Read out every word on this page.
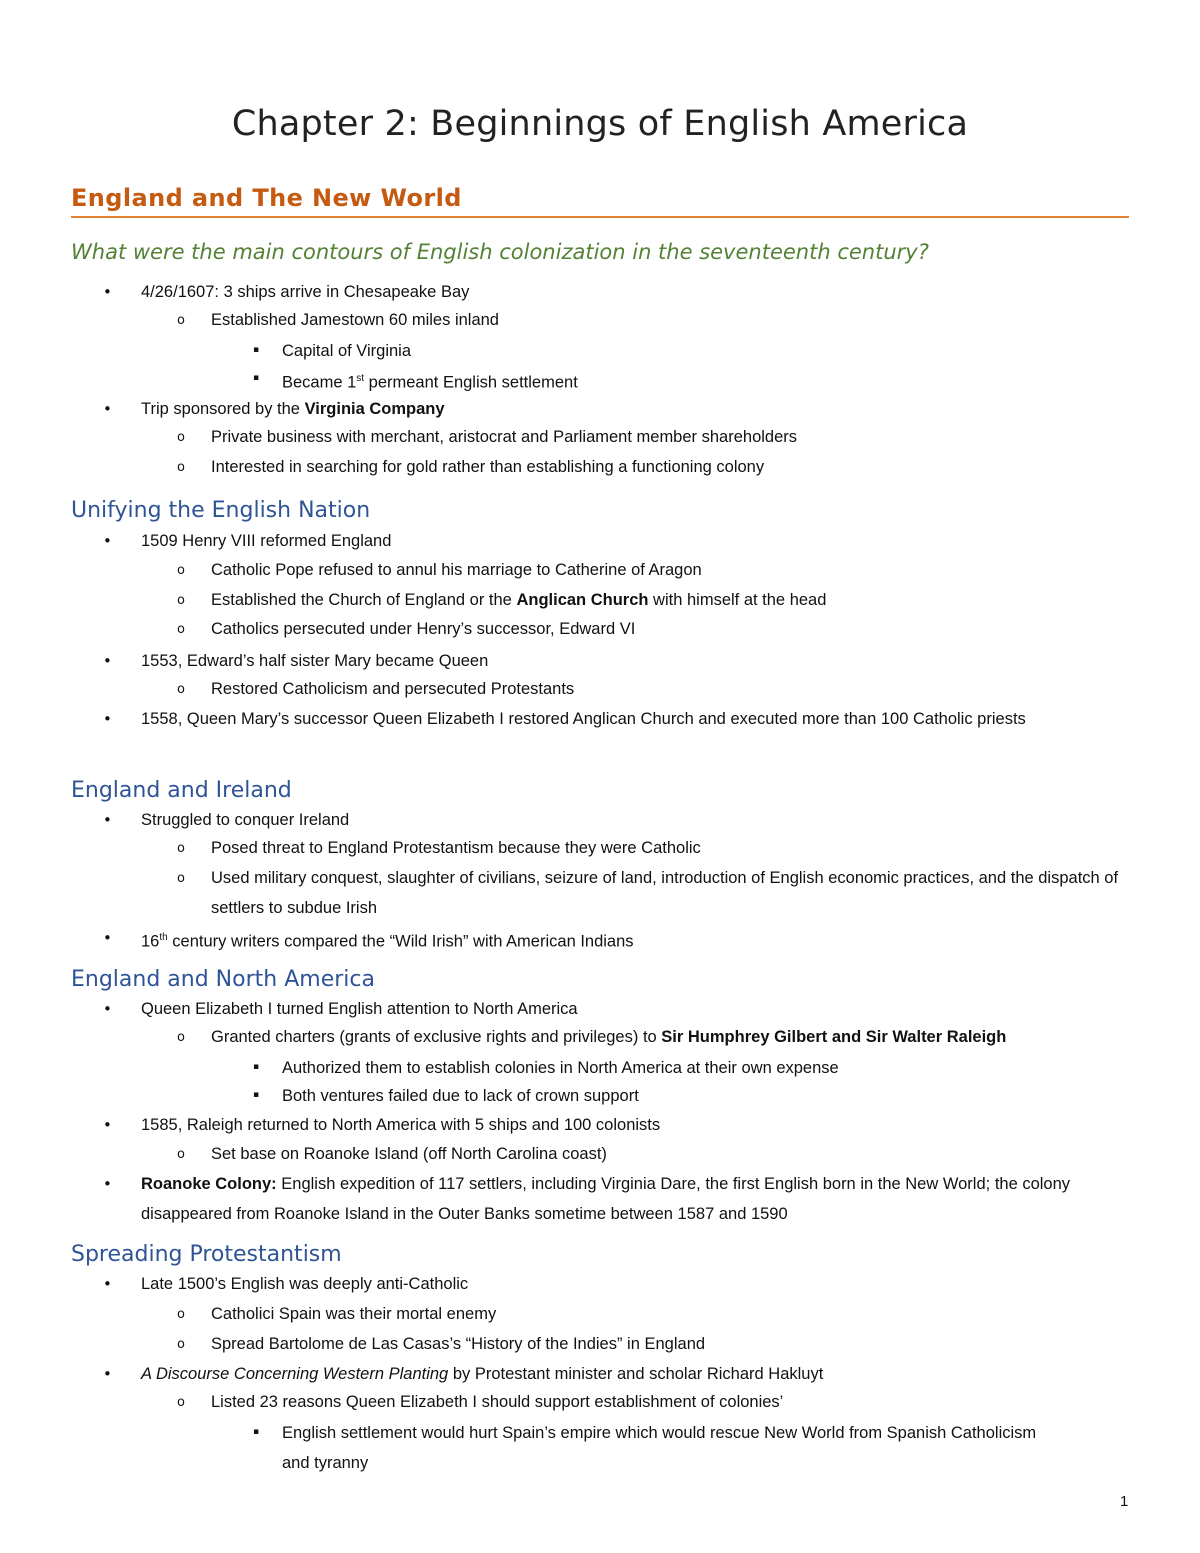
Chapter 2: Beginnings of English America
England and The New World
What were the main contours of English colonization in the seventeenth century?
• 4/26/1607: 3 ships arrive in Chesapeake Bay
o Established Jamestown 60 miles inland
▪ Capital of Virginia
▪ Became 1st permeant English settlement
• Trip sponsored by the Virginia Company
o Private business with merchant, aristocrat and Parliament member shareholders
o Interested in searching for gold rather than establishing a functioning colony
Unifying the English Nation
• 1509 Henry VIII reformed England
o Catholic Pope refused to annul his marriage to Catherine of Aragon
o Established the Church of England or the Anglican Church with himself at the head
o Catholics persecuted under Henry’s successor, Edward VI
• 1553, Edward’s half sister Mary became Queen
o Restored Catholicism and persecuted Protestants
• 1558, Queen Mary’s successor Queen Elizabeth I restored Anglican Church and executed more than 100 Catholic priests
England and Ireland
• Struggled to conquer Ireland
o Posed threat to England Protestantism because they were Catholic
o Used military conquest, slaughter of civilians, seizure of land, introduction of English economic practices, and the dispatch of settlers to subdue Irish
• 16th century writers compared the “Wild Irish” with American Indians
England and North America
• Queen Elizabeth I turned English attention to North America
o Granted charters (grants of exclusive rights and privileges) to Sir Humphrey Gilbert and Sir Walter Raleigh
▪ Authorized them to establish colonies in North America at their own expense
▪ Both ventures failed due to lack of crown support
• 1585, Raleigh returned to North America with 5 ships and 100 colonists
o Set base on Roanoke Island (off North Carolina coast)
• Roanoke Colony: English expedition of 117 settlers, including Virginia Dare, the first English born in the New World; the colony disappeared from Roanoke Island in the Outer Banks sometime between 1587 and 1590
Spreading Protestantism
• Late 1500’s English was deeply anti-Catholic
o Catholici Spain was their mortal enemy
o Spread Bartolome de Las Casas’s “History of the Indies” in England
• A Discourse Concerning Western Planting by Protestant minister and scholar Richard Hakluyt
o Listed 23 reasons Queen Elizabeth I should support establishment of colonies’
▪ English settlement would hurt Spain’s empire which would rescue New World from Spanish Catholicism and tyranny
1
